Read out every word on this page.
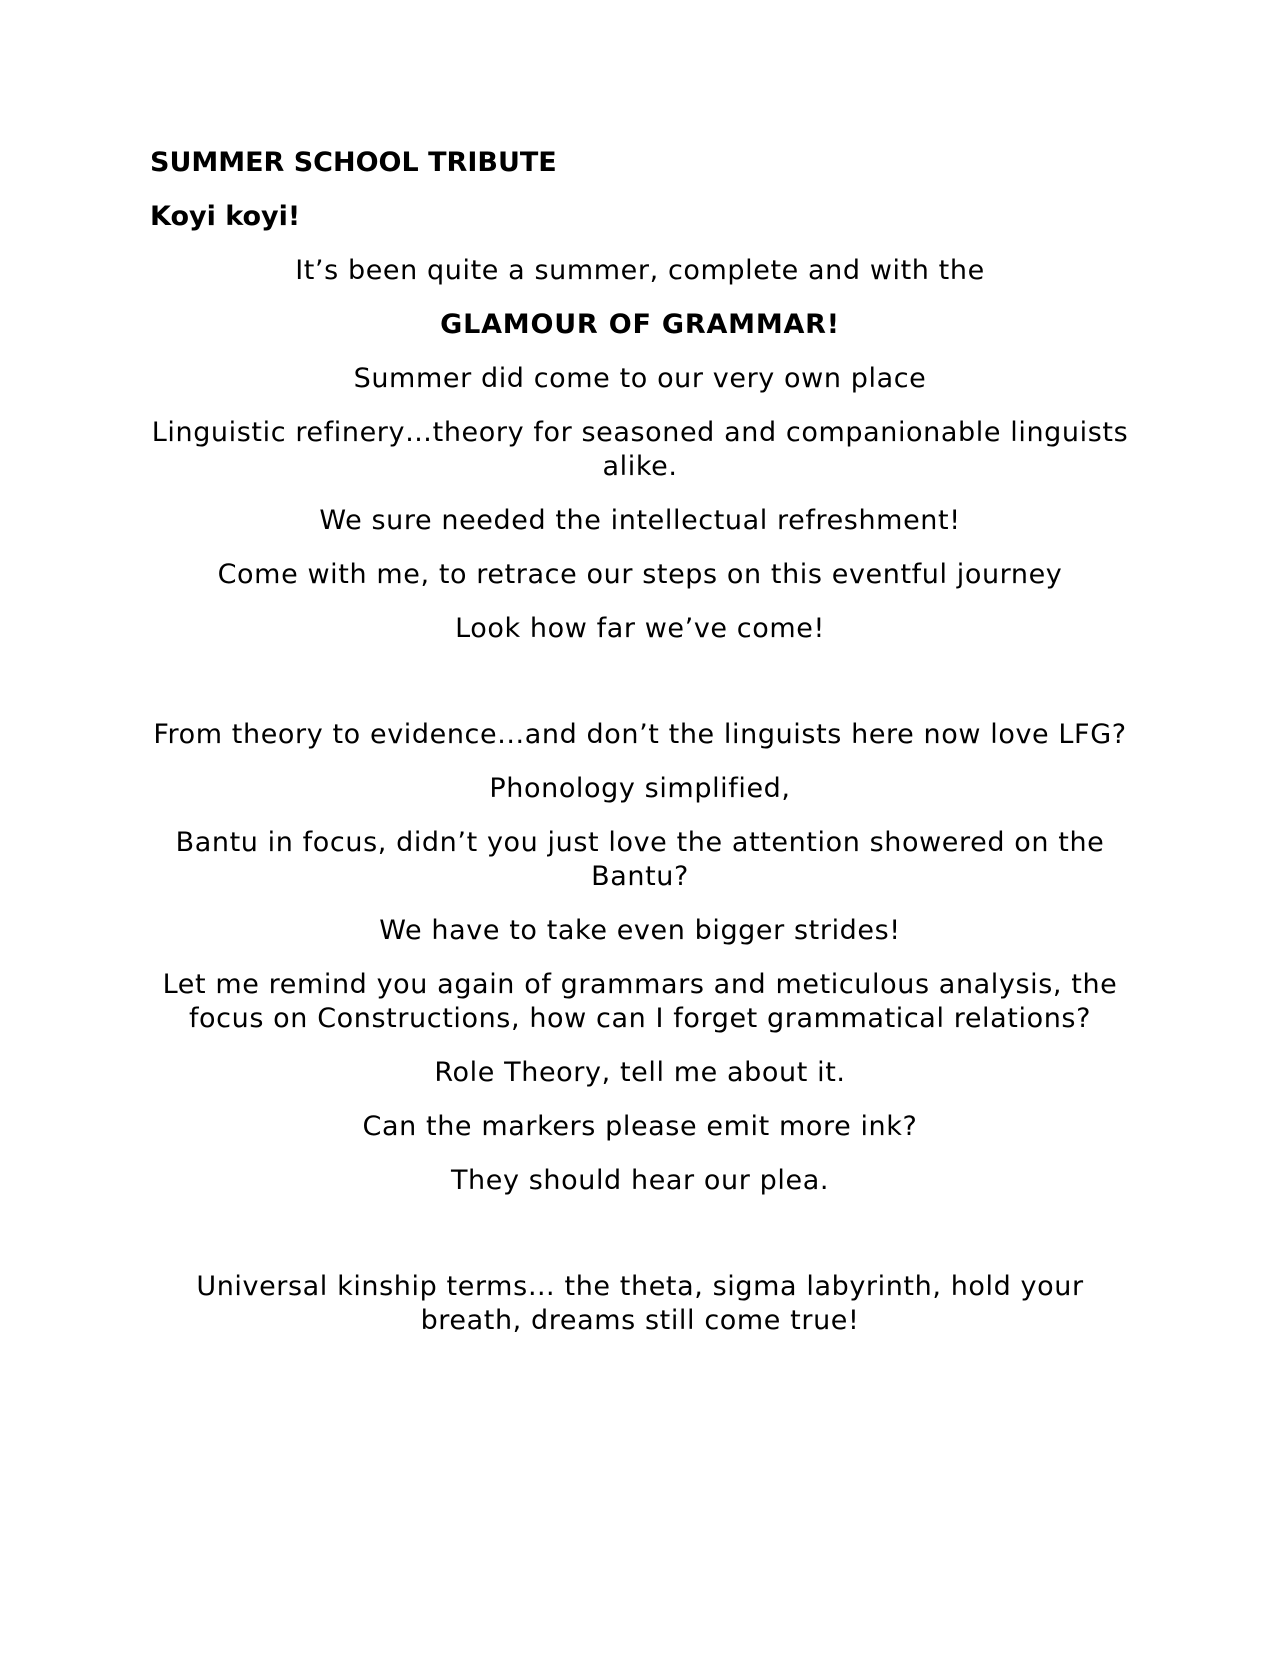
SUMMER SCHOOL TRIBUTE

Koyi koyi!

It’s been quite a summer, complete and with the

GLAMOUR OF GRAMMAR!

Summer did come to our very own place

Linguistic refinery…theory for seasoned and companionable linguists alike.

We sure needed the intellectual refreshment!

Come with me, to retrace our steps on this eventful journey

Look how far we’ve come!

From theory to evidence...and don’t the linguists here now love LFG?

Phonology simplified,

Bantu in focus, didn’t you just love the attention showered on the Bantu?

We have to take even bigger strides!

Let me remind you again of grammars and meticulous analysis, the focus on Constructions, how can I forget grammatical relations?

Role Theory, tell me about it.

Can the markers please emit more ink?

They should hear our plea.

Universal kinship terms… the theta, sigma labyrinth, hold your breath, dreams still come true!
